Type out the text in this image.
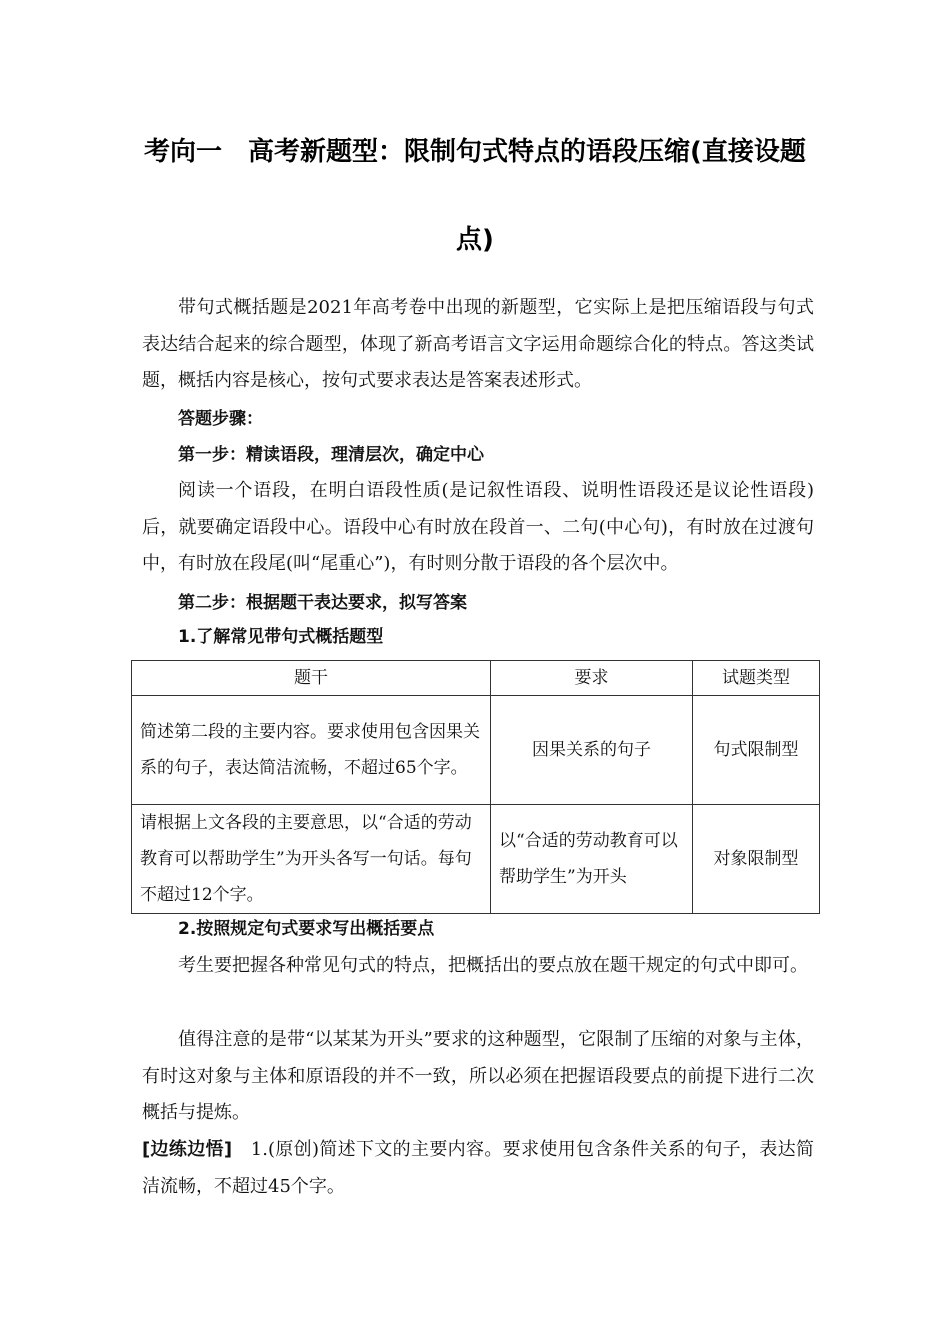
考向一　高考新题型：限制句式特点的语段压缩(直接设题
点)

带句式概括题是2021年高考卷中出现的新题型，它实际上是把压缩语段与句式表达结合起来的综合题型，体现了新高考语言文字运用命题综合化的特点。答这类试题，概括内容是核心，按句式要求表达是答案表述形式。

答题步骤：

第一步：精读语段，理清层次，确定中心

阅读一个语段，在明白语段性质(是记叙性语段、说明性语段还是议论性语段)后，就要确定语段中心。语段中心有时放在段首一、二句(中心句)，有时放在过渡句中，有时放在段尾(叫“尾重心”)，有时则分散于语段的各个层次中。

第二步：根据题干表达要求，拟写答案

1.了解常见带句式概括题型

题干	要求	试题类型
简述第二段的主要内容。要求使用包含因果关系的句子，表达简洁流畅，不超过65个字。	因果关系的句子	句式限制型
请根据上文各段的主要意思，以“合适的劳动教育可以帮助学生”为开头各写一句话。每句不超过12个字。	以“合适的劳动教育可以帮助学生”为开头	对象限制型

2.按照规定句式要求写出概括要点

考生要把握各种常见句式的特点，把概括出的要点放在题干规定的句式中即可。

值得注意的是带“以某某为开头”要求的这种题型，它限制了压缩的对象与主体，有时这对象与主体和原语段的并不一致，所以必须在把握语段要点的前提下进行二次概括与提炼。

[边练边悟]　1.(原创)简述下文的主要内容。要求使用包含条件关系的句子，表达简洁流畅，不超过45个字。
